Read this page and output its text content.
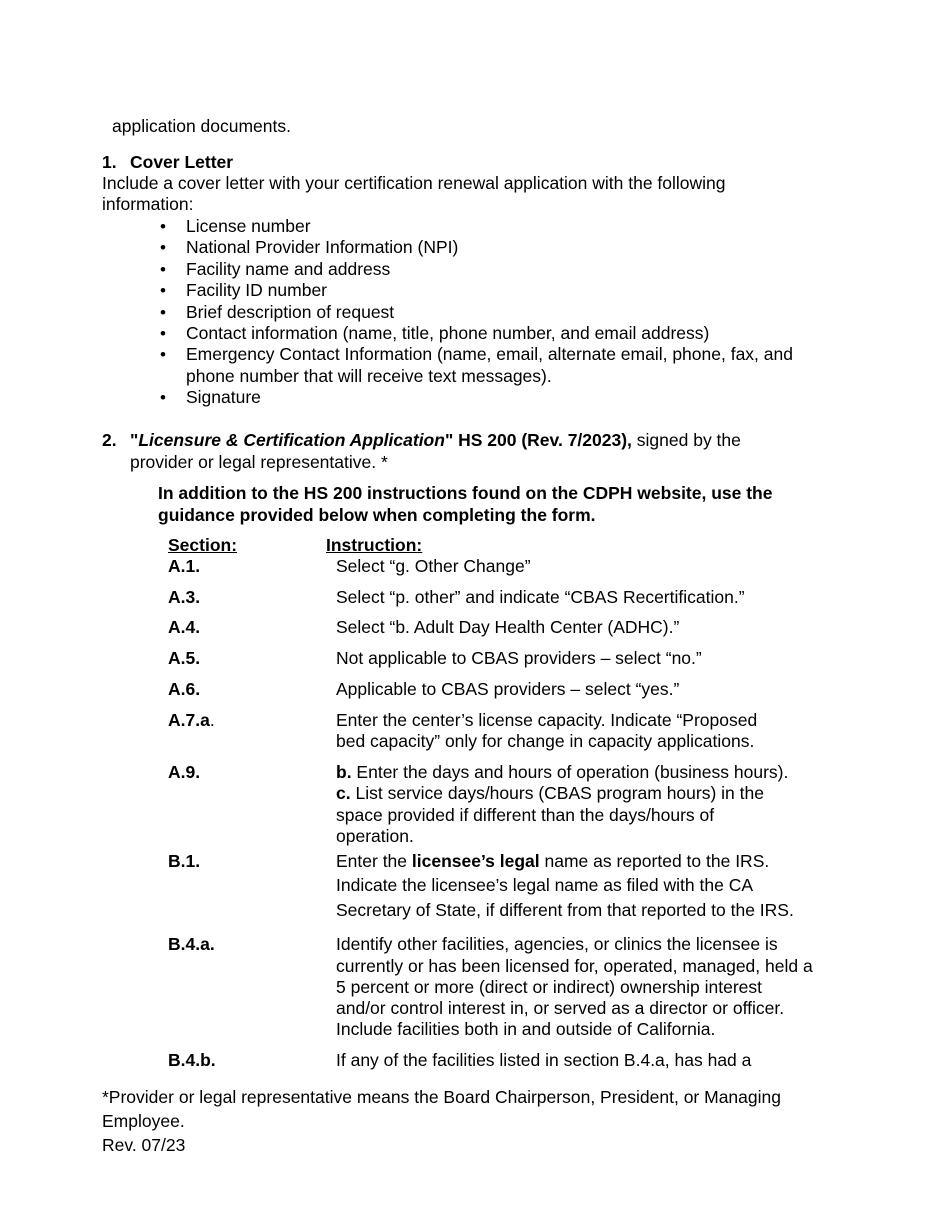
application documents.
1. Cover Letter
Include a cover letter with your certification renewal application with the following
information:
• License number
• National Provider Information (NPI)
• Facility name and address
• Facility ID number
• Brief description of request
• Contact information (name, title, phone number, and email address)
• Emergency Contact Information (name, email, alternate email, phone, fax, and
phone number that will receive text messages).
• Signature
2. "Licensure & Certification Application" HS 200 (Rev. 7/2023), signed by the
provider or legal representative. *
In addition to the HS 200 instructions found on the CDPH website, use the
guidance provided below when completing the form.
Section:	Instruction:
A.1.	Select “g. Other Change”
A.3.	Select “p. other” and indicate “CBAS Recertification.”
A.4.	Select “b. Adult Day Health Center (ADHC).”
A.5.	Not applicable to CBAS providers – select “no.”
A.6.	Applicable to CBAS providers – select “yes.”
A.7.a.	Enter the center’s license capacity. Indicate “Proposed
bed capacity” only for change in capacity applications.
A.9.	b. Enter the days and hours of operation (business hours).
c. List service days/hours (CBAS program hours) in the
space provided if different than the days/hours of
operation.
B.1.	Enter the licensee’s legal name as reported to the IRS.
Indicate the licensee’s legal name as filed with the CA
Secretary of State, if different from that reported to the IRS.
B.4.a.	Identify other facilities, agencies, or clinics the licensee is
currently or has been licensed for, operated, managed, held a
5 percent or more (direct or indirect) ownership interest
and/or control interest in, or served as a director or officer.
Include facilities both in and outside of California.
B.4.b.	If any of the facilities listed in section B.4.a, has had a
*Provider or legal representative means the Board Chairperson, President, or Managing
Employee.
Rev. 07/23
